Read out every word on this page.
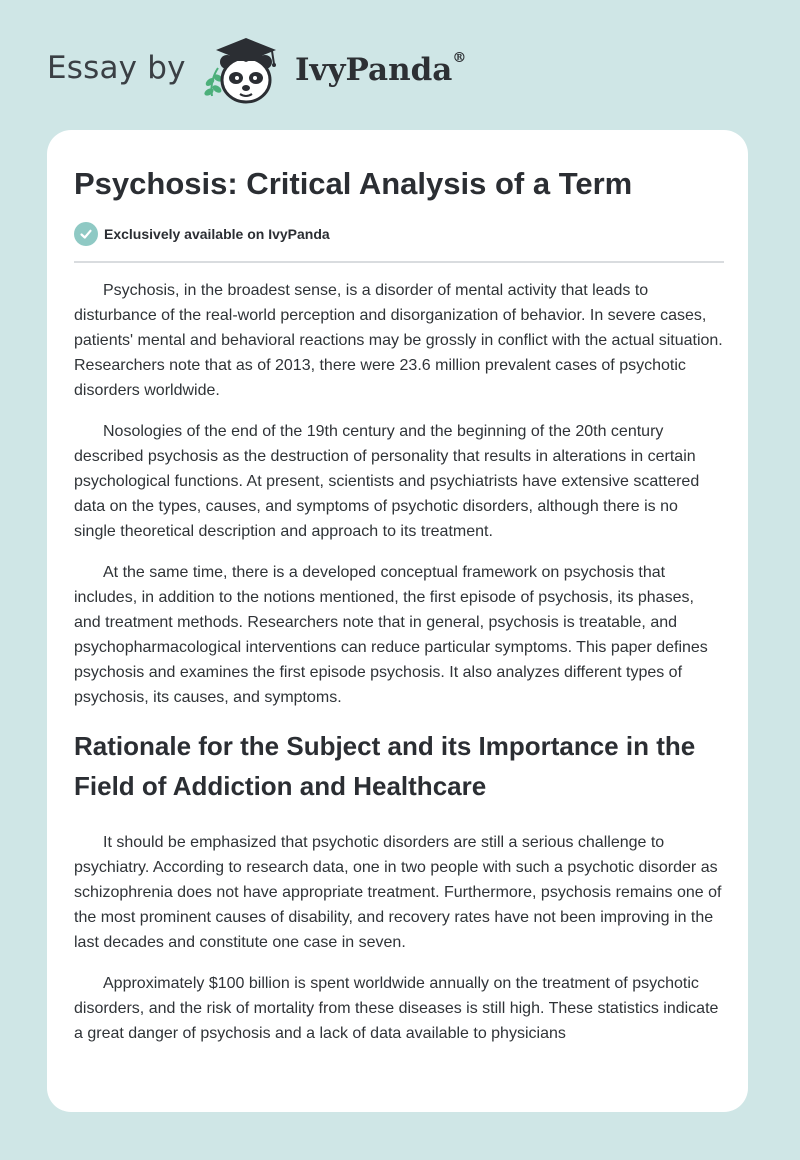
Essay by	IvyPanda®
Psychosis: Critical Analysis of a Term
Exclusively available on IvyPanda

Psychosis, in the broadest sense, is a disorder of mental activity that leads to disturbance of the real-world perception and disorganization of behavior. In severe cases, patients' mental and behavioral reactions may be grossly in conflict with the actual situation. Researchers note that as of 2013, there were 23.6 million prevalent cases of psychotic disorders worldwide.

Nosologies of the end of the 19th century and the beginning of the 20th century described psychosis as the destruction of personality that results in alterations in certain psychological functions. At present, scientists and psychiatrists have extensive scattered data on the types, causes, and symptoms of psychotic disorders, although there is no single theoretical description and approach to its treatment.

At the same time, there is a developed conceptual framework on psychosis that includes, in addition to the notions mentioned, the first episode of psychosis, its phases, and treatment methods. Researchers note that in general, psychosis is treatable, and psychopharmacological interventions can reduce particular symptoms. This paper defines psychosis and examines the first episode psychosis. It also analyzes different types of psychosis, its causes, and symptoms.

Rationale for the Subject and its Importance in the Field of Addiction and Healthcare

It should be emphasized that psychotic disorders are still a serious challenge to psychiatry. According to research data, one in two people with such a psychotic disorder as schizophrenia does not have appropriate treatment. Furthermore, psychosis remains one of the most prominent causes of disability, and recovery rates have not been improving in the last decades and constitute one case in seven.

Approximately $100 billion is spent worldwide annually on the treatment of psychotic disorders, and the risk of mortality from these diseases is still high. These statistics indicate a great danger of psychosis and a lack of data available to physicians
